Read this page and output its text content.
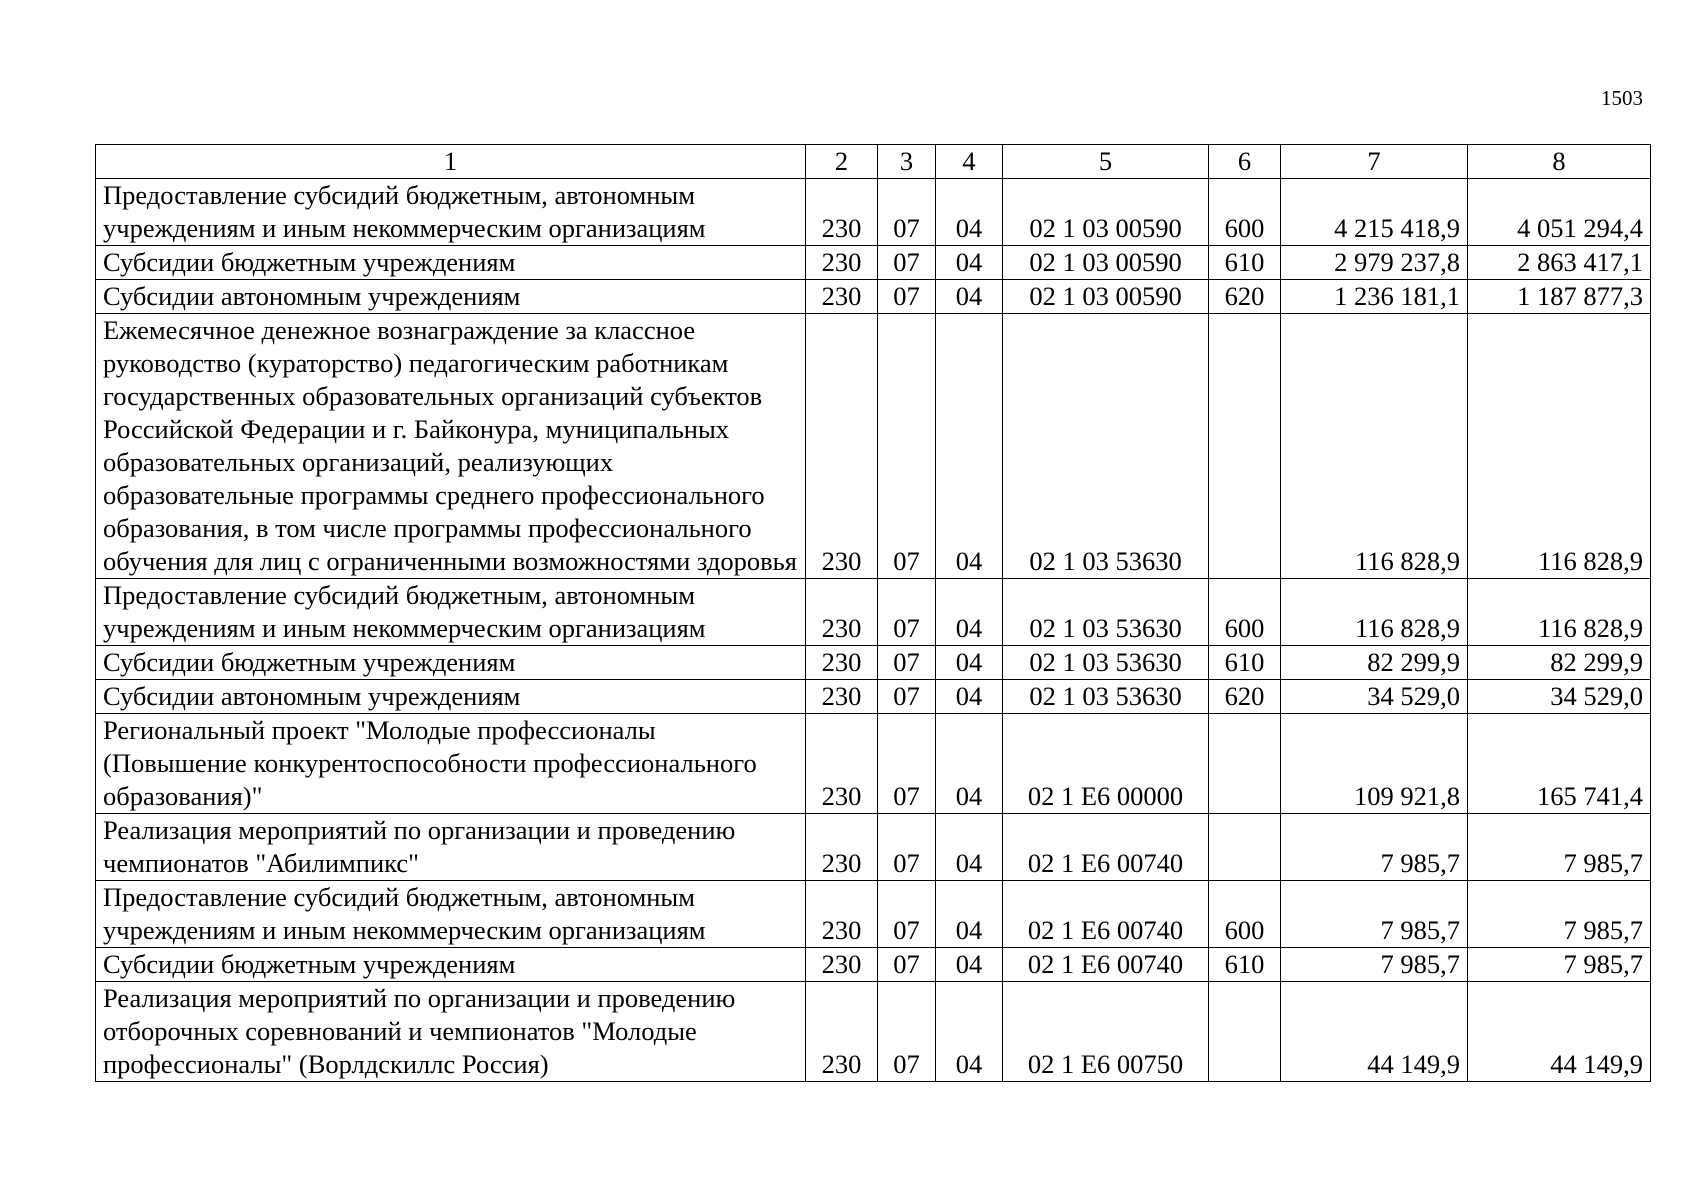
1503
1	2	3	4	5	6	7	8
Предоставление субсидий бюджетным, автономным учреждениям и иным некоммерческим организациям	230	07	04	02 1 03 00590	600	4 215 418,9	4 051 294,4
Субсидии бюджетным учреждениям	230	07	04	02 1 03 00590	610	2 979 237,8	2 863 417,1
Субсидии автономным учреждениям	230	07	04	02 1 03 00590	620	1 236 181,1	1 187 877,3
Ежемесячное денежное вознаграждение за классное руководство (кураторство) педагогическим работникам государственных образовательных организаций субъектов Российской Федерации и г. Байконура, муниципальных образовательных организаций, реализующих образовательные программы среднего профессионального образования, в том числе программы профессионального обучения для лиц с ограниченными возможностями здоровья	230	07	04	02 1 03 53630		116 828,9	116 828,9
Предоставление субсидий бюджетным, автономным учреждениям и иным некоммерческим организациям	230	07	04	02 1 03 53630	600	116 828,9	116 828,9
Субсидии бюджетным учреждениям	230	07	04	02 1 03 53630	610	82 299,9	82 299,9
Субсидии автономным учреждениям	230	07	04	02 1 03 53630	620	34 529,0	34 529,0
Региональный проект "Молодые профессионалы (Повышение конкурентоспособности профессионального образования)"	230	07	04	02 1 E6 00000		109 921,8	165 741,4
Реализация мероприятий по организации и проведению чемпионатов "Абилимпикс"	230	07	04	02 1 E6 00740		7 985,7	7 985,7
Предоставление субсидий бюджетным, автономным учреждениям и иным некоммерческим организациям	230	07	04	02 1 E6 00740	600	7 985,7	7 985,7
Субсидии бюджетным учреждениям	230	07	04	02 1 E6 00740	610	7 985,7	7 985,7
Реализация мероприятий по организации и проведению отборочных соревнований и чемпионатов "Молодые профессионалы" (Ворлдскиллс Россия)	230	07	04	02 1 E6 00750		44 149,9	44 149,9
